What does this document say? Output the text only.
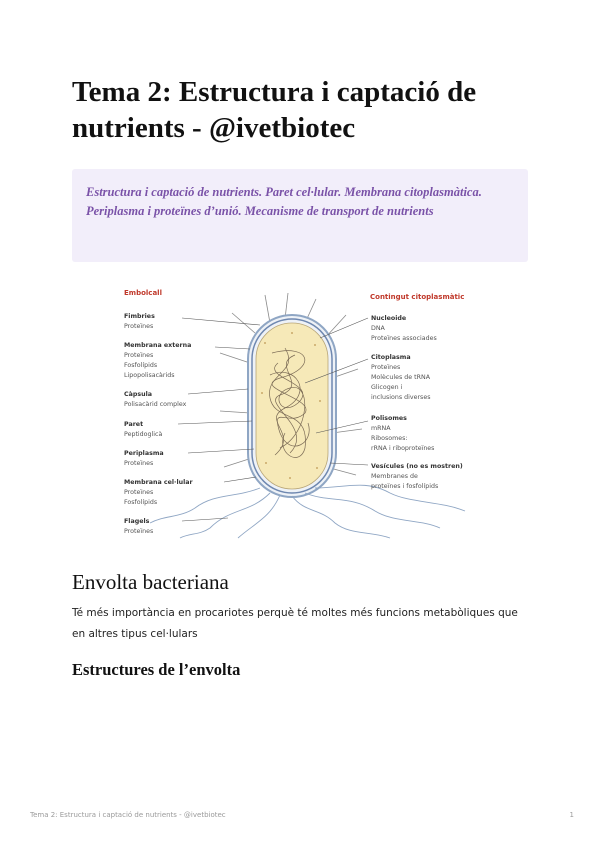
Tema 2: Estructura i captació de nutrients - @ivetbiotec

Estructura i captació de nutrients. Paret cel·lular. Membrana citoplasmàtica. Periplasma i proteïnes d’unió. Mecanisme de transport de nutrients

Embolcall
Fimbries
Proteïnes
Membrana externa
Proteïnes
Fosfolípids
Lipopolisacàrids
Càpsula
Polisacàrid complex
Paret
Peptidoglicà
Periplasma
Proteïnes
Membrana cel·lular
Proteïnes
Fosfolípids
Flagels
Proteïnes
Contingut citoplasmàtic
Nucleoide
DNA
Proteïnes associades
Citoplasma
Proteïnes
Molècules de tRNA
Glicogen i
inclusions diverses
Polisomes
mRNA
Ribosomes:
rRNA i riboproteïnes
Vesícules (no es mostren)
Membranes de
proteïnes i fosfolípids
Envolta bacteriana

Té més importància en procariotes perquè té moltes més funcions metabòliques que en altres tipus cel·lulars

Estructures de l’envolta
Tema 2: Estructura i captació de nutrients - @ivetbiotec	1
